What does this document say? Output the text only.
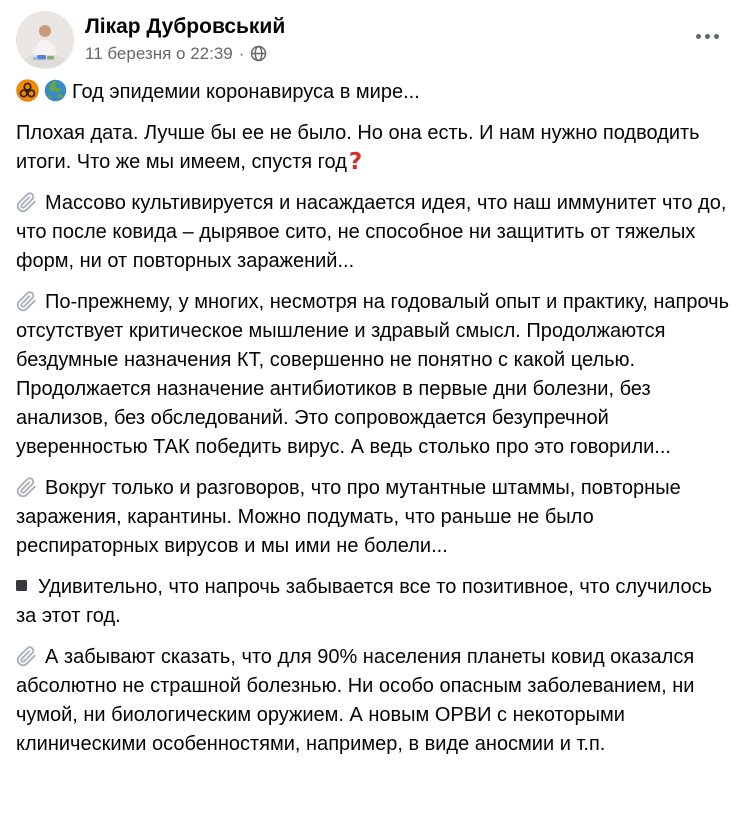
Лікар Дубровський
11 березня о 22:39 ·

Год эпидемии коронавируса в мире...

Плохая дата. Лучше бы ее не было. Но она есть. И нам нужно подводить итоги. Что же мы имеем, спустя год?

Массово культивируется и насаждается идея, что наш иммунитет что до, что после ковида – дырявое сито, не способное ни защитить от тяжелых форм, ни от повторных заражений...

По-прежнему, у многих, несмотря на годовалый опыт и практику, напрочь отсутствует критическое мышление и здравый смысл. Продолжаются бездумные назначения КТ, совершенно не понятно с какой целью. Продолжается назначение антибиотиков в первые дни болезни, без анализов, без обследований. Это сопровождается безупречной уверенностью ТАК победить вирус. А ведь столько про это говорили...

Вокруг только и разговоров, что про мутантные штаммы, повторные заражения, карантины. Можно подумать, что раньше не было респираторных вирусов и мы ими не болели...

Удивительно, что напрочь забывается все то позитивное, что случилось за этот год.

А забывают сказать, что для 90% населения планеты ковид оказался абсолютно не страшной болезнью. Ни особо опасным заболеванием, ни чумой, ни биологическим оружием. А новым ОРВИ с некоторыми клиническими особенностями, например, в виде аносмии и т.п.
